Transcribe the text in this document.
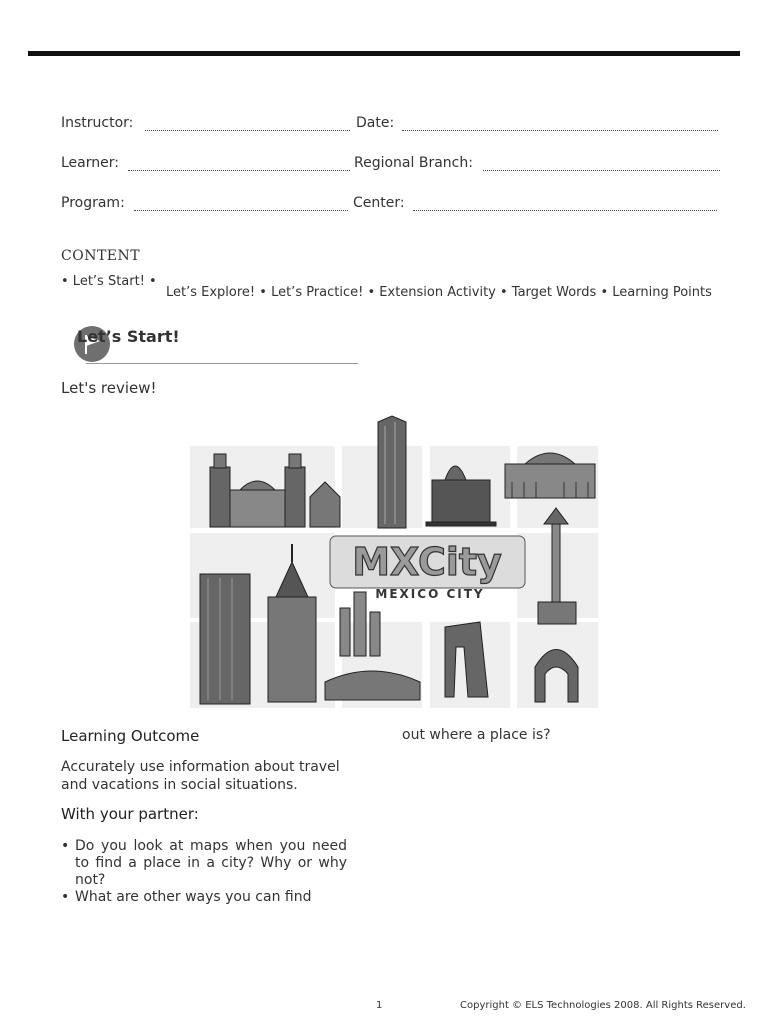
Instructor:	Date:
Learner:	Regional Branch:
Program:	Center:
CONTENT
• Let’s Start! •
Let’s Explore! • Let’s Practice! • Extension Activity • Target Words • Learning Points
Let’s Start!
Let's review!
MXCity
MEXICO CITY
Learning Outcome
Accurately use information about travel and vacations in social situations.
With your partner:
• Do you look at maps when you need to find a place in a city? Why or why not?
• What are other ways you can find
out where a place is?
1	Copyright © ELS Technologies 2008. All Rights Reserved.
